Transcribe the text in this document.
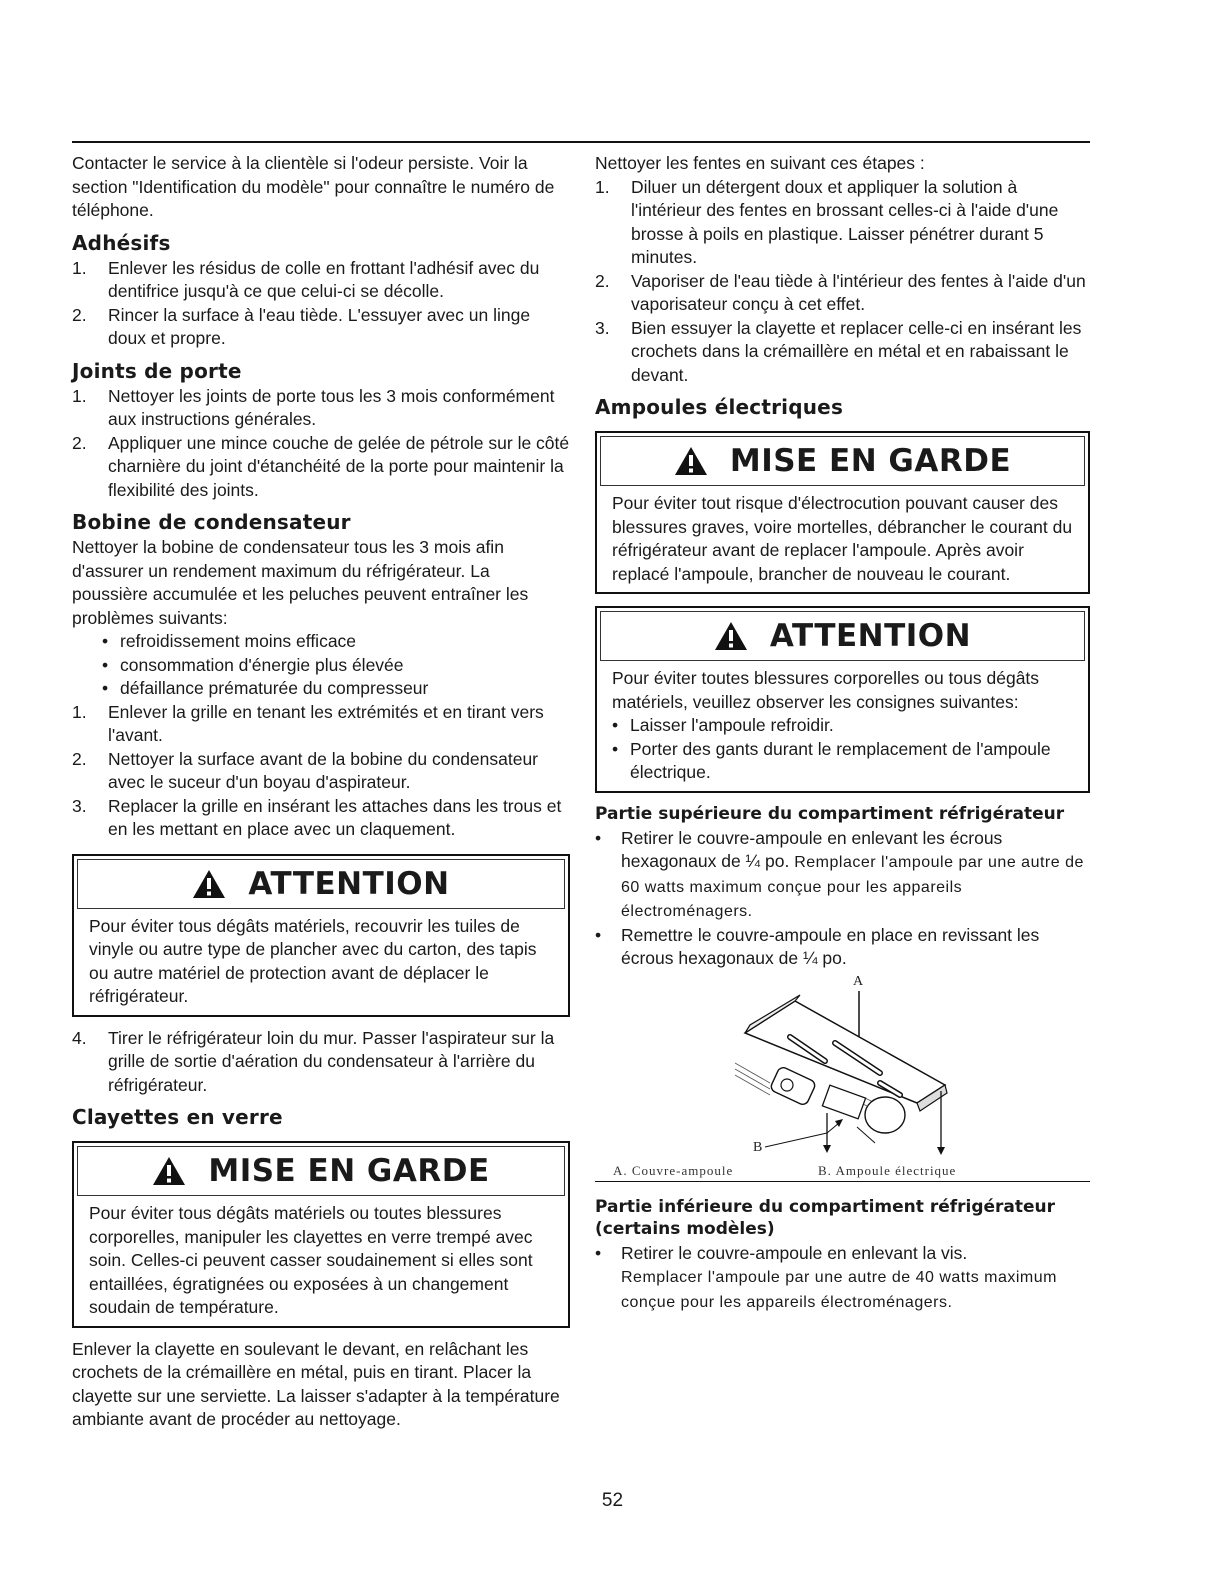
Contacter le service à la clientèle si l'odeur persiste. Voir la section "Identification du modèle" pour connaître le numéro de téléphone.

Adhésifs
1.	Enlever les résidus de colle en frottant l'adhésif avec du dentifrice jusqu'à ce que celui-ci se décolle.
2.	Rincer la surface à l'eau tiède. L'essuyer avec un linge doux et propre.
Joints de porte
1.	Nettoyer les joints de porte tous les 3 mois conformément aux instructions générales.
2.	Appliquer une mince couche de gelée de pétrole sur le côté charnière du joint d'étanchéité de la porte pour maintenir la flexibilité des joints.
Bobine de condensateur

Nettoyer la bobine de condensateur tous les 3 mois afin d'assurer un rendement maximum du réfrigérateur. La poussière accumulée et les peluches peuvent entraîner les problèmes suivants:

• refroidissement moins efficace
• consommation d'énergie plus élevée
• défaillance prématurée du compresseur
1.	Enlever la grille en tenant les extrémités et en tirant vers l'avant.
2.	Nettoyer la surface avant de la bobine du condensateur avec le suceur d'un boyau d'aspirateur.
3.	Replacer la grille en insérant les attaches dans les trous et en les mettant en place avec un claquement.
ATTENTION

Pour éviter tous dégâts matériels, recouvrir les tuiles de vinyle ou autre type de plancher avec du carton, des tapis ou autre matériel de protection avant de déplacer le réfrigérateur.

4.	Tirer le réfrigérateur loin du mur. Passer l'aspirateur sur la grille de sortie d'aération du condensateur à l'arrière du réfrigérateur.
Clayettes en verre
MISE EN GARDE

Pour éviter tous dégâts matériels ou toutes blessures corporelles, manipuler les clayettes en verre trempé avec soin. Celles-ci peuvent casser soudainement si elles sont entaillées, égratignées ou exposées à un changement soudain de température.

Enlever la clayette en soulevant le devant, en relâchant les crochets de la crémaillère en métal, puis en tirant. Placer la clayette sur une serviette. La laisser s'adapter à la température ambiante avant de procéder au nettoyage.

Nettoyer les fentes en suivant ces étapes :

1.	Diluer un détergent doux et appliquer la solution à l'intérieur des fentes en brossant celles-ci à l'aide d'une brosse à poils en plastique. Laisser pénétrer durant 5 minutes.
2.	Vaporiser de l'eau tiède à l'intérieur des fentes à l'aide d'un vaporisateur conçu à cet effet.
3.	Bien essuyer la clayette et replacer celle-ci en insérant les crochets dans la crémaillère en métal et en rabaissant le devant.
Ampoules électriques
MISE EN GARDE

Pour éviter tout risque d'électrocution pouvant causer des blessures graves, voire mortelles, débrancher le courant du réfrigérateur avant de replacer l'ampoule. Après avoir replacé l'ampoule, brancher de nouveau le courant.

ATTENTION

Pour éviter toutes blessures corporelles ou tous dégâts matériels, veuillez observer les consignes suivantes:

• Laisser l'ampoule refroidir.
• Porter des gants durant le remplacement de l'ampoule électrique.
Partie supérieure du compartiment réfrigérateur
•	Retirer le couvre-ampoule en enlevant les écrous hexagonaux de ¼ po. Remplacer l'ampoule par une autre de 60 watts maximum conçue pour les appareils électroménagers.
•	Remettre le couvre-ampoule en place en revissant les écrous hexagonaux de ¼ po.
A
B
A. Couvre-ampoule	B. Ampoule électrique
Partie inférieure du compartiment réfrigérateur (certains modèles)
•	Retirer le couvre-ampoule en enlevant la vis.
Remplacer l'ampoule par une autre de 40 watts maximum conçue pour les appareils électroménagers.
52
